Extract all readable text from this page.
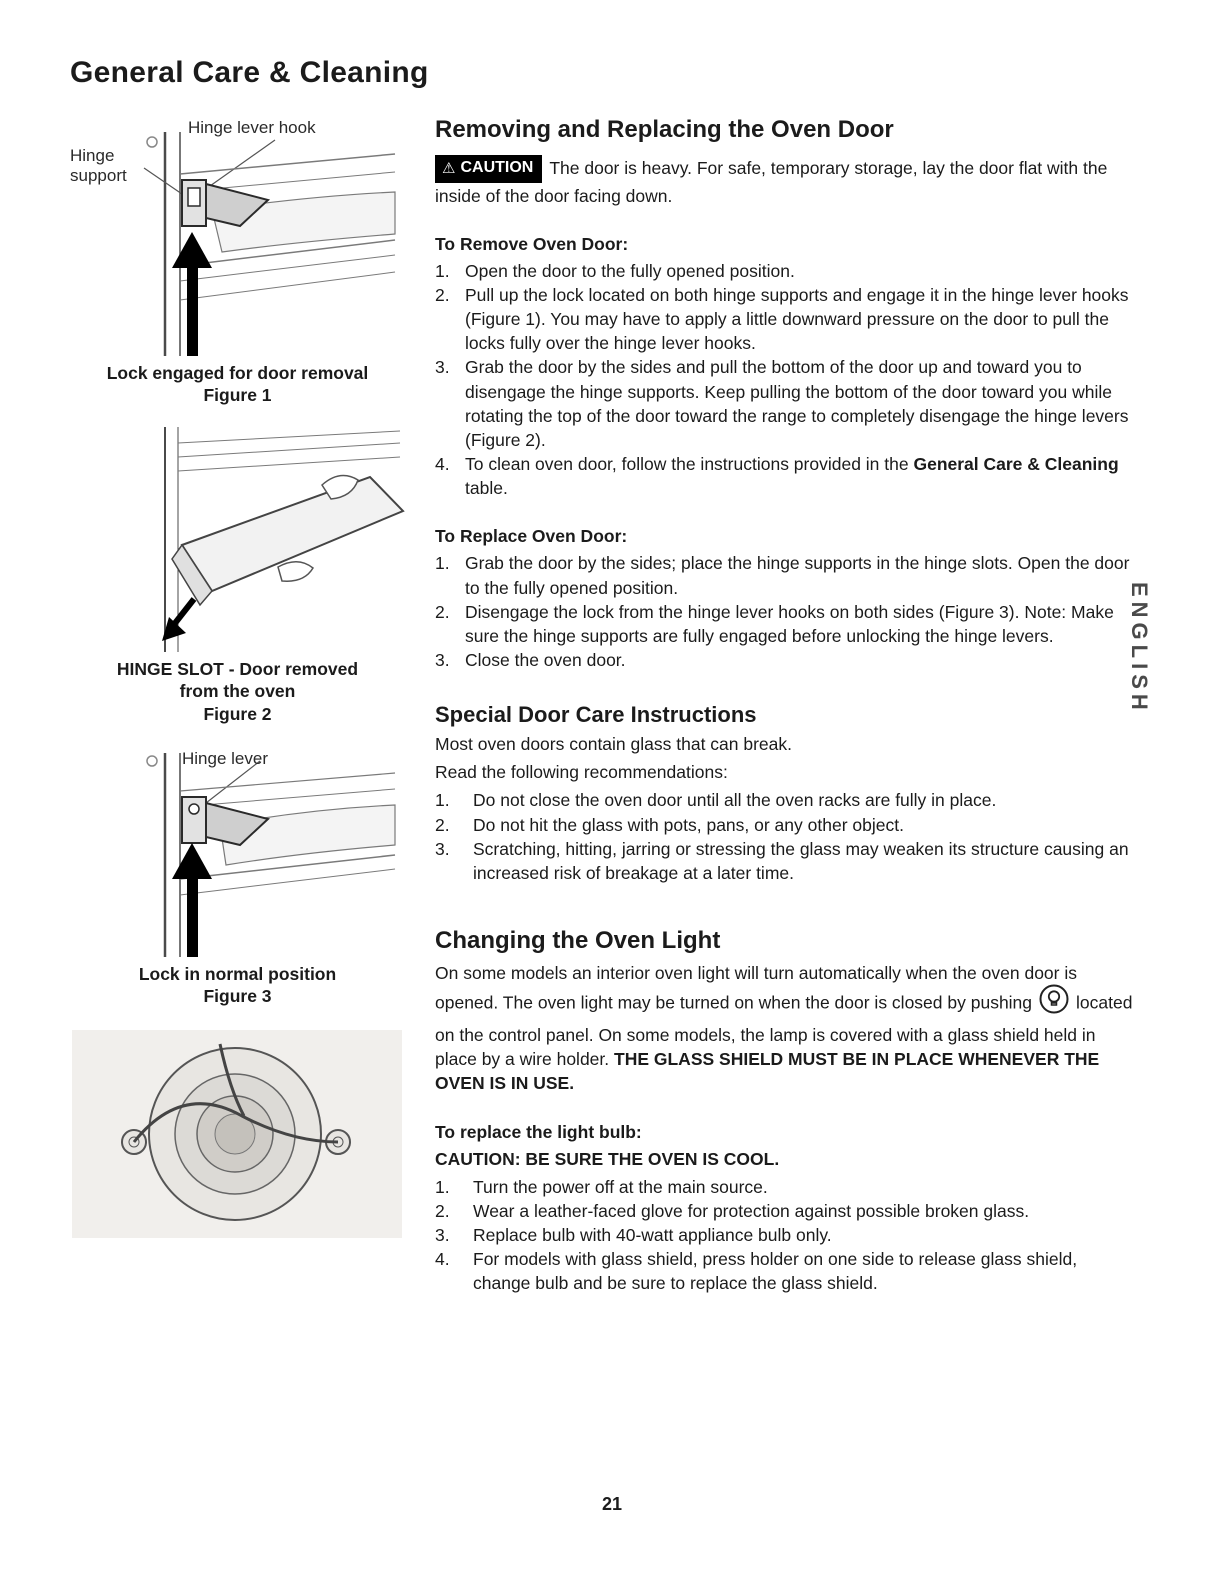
General Care & Cleaning
Hinge support
Hinge lever hook
Lock engaged for door removal
Figure 1
HINGE SLOT - Door removed
from the oven
Figure 2
Hinge lever
Lock in normal position
Figure 3
Removing and Replacing the Oven Door

⚠ CAUTION The door is heavy. For safe, temporary storage, lay the door flat with the inside of the door facing down.

To Remove Oven Door:

1. Open the door to the fully opened position.
2. Pull up the lock located on both hinge supports and engage it in the hinge lever hooks (Figure 1). You may have to apply a little downward pressure on the door to pull the locks fully over the hinge lever hooks.
3. Grab the door by the sides and pull the bottom of the door up and toward you to disengage the hinge supports. Keep pulling the bottom of the door toward you while rotating the top of the door toward the range to completely disengage the hinge levers (Figure 2).
4. To clean oven door, follow the instructions provided in the General Care & Cleaning table.

To Replace Oven Door:

1. Grab the door by the sides; place the hinge supports in the hinge slots. Open the door to the fully opened position.
2. Disengage the lock from the hinge lever hooks on both sides (Figure 3). Note: Make sure the hinge supports are fully engaged before unlocking the hinge levers.
3. Close the oven door.
Special Door Care Instructions

Most oven doors contain glass that can break.

Read the following recommendations:

1.	Do not close the oven door until all the oven racks are fully in place.
2.	Do not hit the glass with pots, pans, or any other object.
3.	Scratching, hitting, jarring or stressing the glass may weaken its structure causing an increased risk of breakage at a later time.
Changing the Oven Light

On some models an interior oven light will turn automatically when the oven door is opened. The oven light may be turned on when the door is closed by pushing	located on the control panel. On some models, the lamp is covered with a glass shield held in place by a wire holder. THE GLASS SHIELD MUST BE IN PLACE WHENEVER THE OVEN IS IN USE.

To replace the light bulb:

CAUTION: BE SURE THE OVEN IS COOL.

1.	Turn the power off at the main source.
2.	Wear a leather-faced glove for protection against possible broken glass.
3.	Replace bulb with 40-watt appliance bulb only.
4.	For models with glass shield, press holder on one side to release glass shield, change bulb and be sure to replace the glass shield.
ENGLISH
21
